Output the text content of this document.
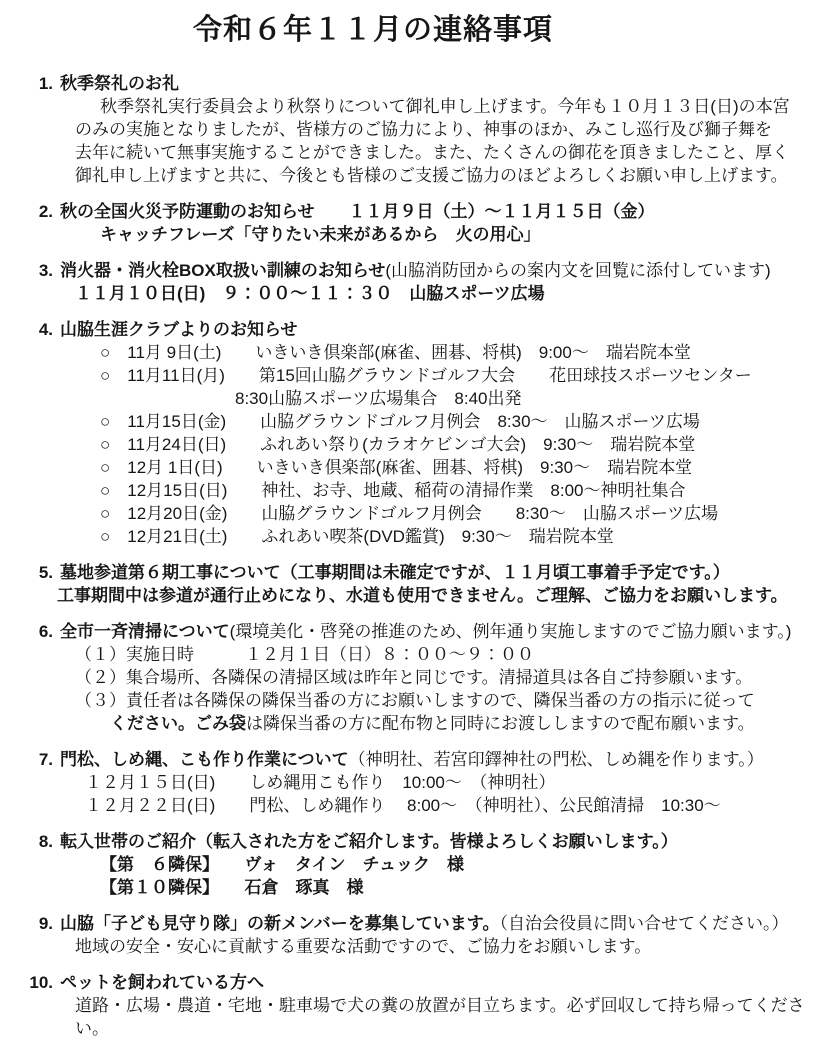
令和６年１１月の連絡事項
1. 秋季祭礼のお礼
秋季祭礼実行委員会より秋祭りについて御礼申し上げます。今年も１０月１３日(日)の本宮
のみの実施となりましたが、皆様方のご協力により、神事のほか、みこし巡行及び獅子舞を
去年に続いて無事実施することができました。また、たくさんの御花を頂きましたこと、厚く
御礼申し上げますと共に、今後とも皆様のご支援ご協力のほどよろしくお願い申し上げます。
2. 秋の全国火災予防運動のお知らせ　　１１月９日（土）～１１月１５日（金）
キャッチフレーズ「守りたい未来があるから　火の用心」
3. 消火器・消火栓BOX取扱い訓練のお知らせ(山脇消防団からの案内文を回覧に添付しています)
１１月１０日(日)　９：００～１１：３０　山脇スポーツ広場
4. 山脇生涯クラブよりのお知らせ
○　11月 9日(土)　　いきいき倶楽部(麻雀、囲碁、将棋)　9:00～　瑞岩院本堂
○　11月11日(月)　　第15回山脇グラウンドゴルフ大会　　花田球技スポーツセンター
8:30山脇スポーツ広場集合　8:40出発
○　11月15日(金)　　山脇グラウンドゴルフ月例会　8:30～　山脇スポーツ広場
○　11月24日(日)　　ふれあい祭り(カラオケビンゴ大会)　9:30～　瑞岩院本堂
○　12月 1日(日)　　いきいき倶楽部(麻雀、囲碁、将棋)　9:30～　瑞岩院本堂
○　12月15日(日)　　神社、お寺、地蔵、稲荷の清掃作業　8:00～神明社集合
○　12月20日(金)　　山脇グラウンドゴルフ月例会　　8:30～　山脇スポーツ広場
○　12月21日(土)　　ふれあい喫茶(DVD鑑賞)　9:30～　瑞岩院本堂
5. 墓地参道第６期工事について（工事期間は未確定ですが、１１月頃工事着手予定です。）
工事期間中は参道が通行止めになり、水道も使用できません。ご理解、ご協力をお願いします。
6. 全市一斉清掃について(環境美化・啓発の推進のため、例年通り実施しますのでご協力願います。)
（１）実施日時　　　１２月１日（日）８：００～９：００
（２）集合場所、各隣保の清掃区域は昨年と同じです。清掃道具は各自ご持参願います。
（３）責任者は各隣保の隣保当番の方にお願いしますので、隣保当番の方の指示に従って
ください。ごみ袋は隣保当番の方に配布物と同時にお渡ししますので配布願います。
7. 門松、しめ縄、こも作り作業について（神明社、若宮印鐸神社の門松、しめ縄を作ります。）
１２月１５日(日)　　しめ縄用こも作り　10:00～　（神明社）
１２月２２日(日)　　門松、しめ縄作り　 8:00～　（神明社）、公民館清掃　10:30～
8. 転入世帯のご紹介（転入された方をご紹介します。皆様よろしくお願いします。）
【第　６隣保】　　ヴォ　タイン　チュック　様
【第１０隣保】　　石倉　琢真　様
9. 山脇「子ども見守り隊」の新メンバーを募集しています。（自治会役員に問い合せてください。）
地域の安全・安心に貢献する重要な活動ですので、ご協力をお願いします。
10. ペットを飼われている方へ
道路・広場・農道・宅地・駐車場で犬の糞の放置が目立ちます。必ず回収して持ち帰ってください。
